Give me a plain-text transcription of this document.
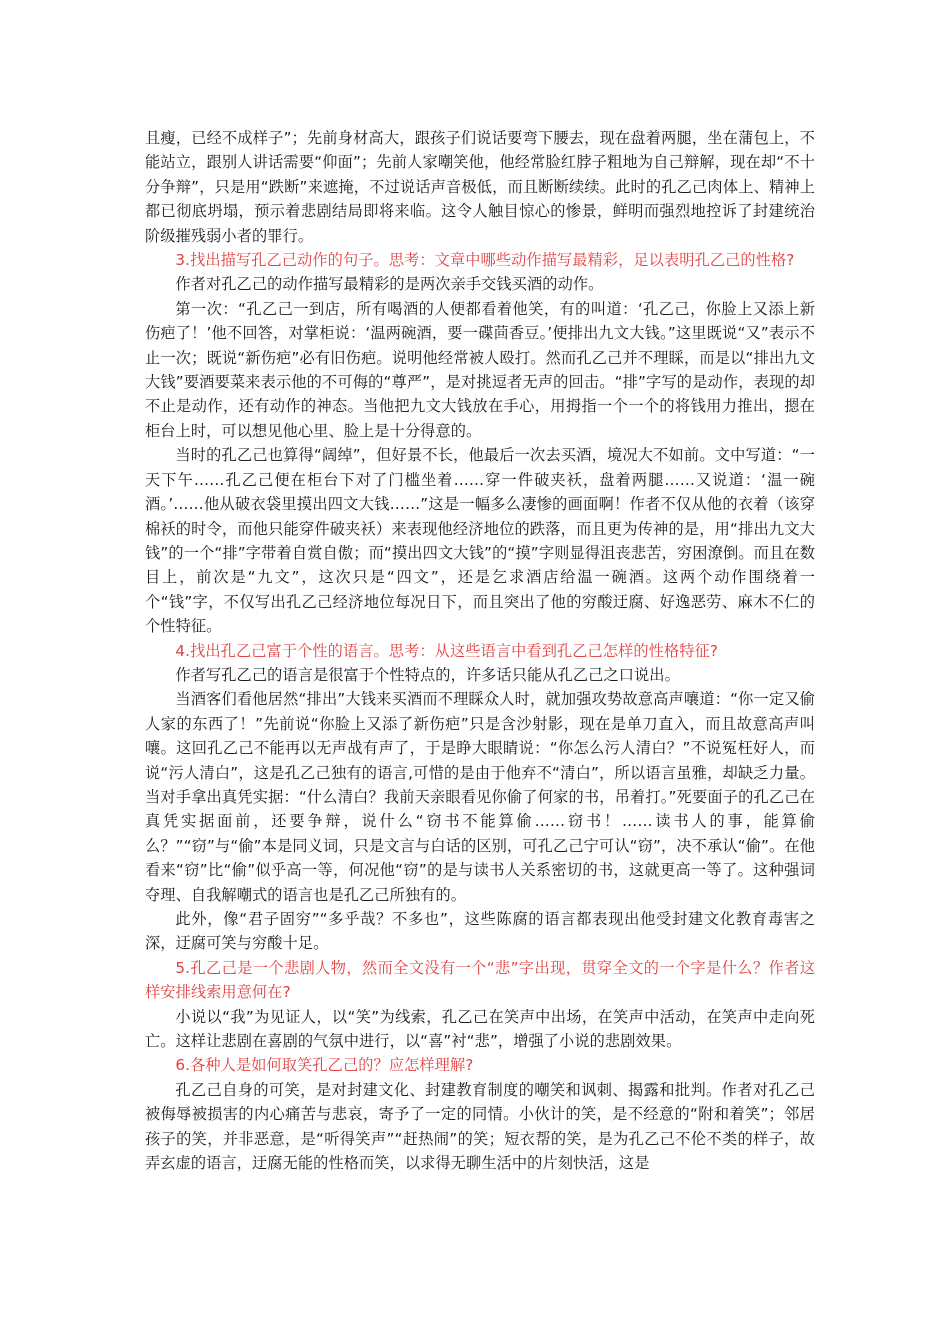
且瘦，已经不成样子”；先前身材高大，跟孩子们说话要弯下腰去，现在盘着两腿，坐在蒲包上，不能站立，跟别人讲话需要“仰面”；先前人家嘲笑他，他经常脸红脖子粗地为自己辩解，现在却“不十分争辩”，只是用“跌断”来遮掩，不过说话声音极低，而且断断续续。此时的孔乙己肉体上、精神上都已彻底坍塌，预示着悲剧结局即将来临。这令人触目惊心的惨景，鲜明而强烈地控诉了封建统治阶级摧残弱小者的罪行。

3.找出描写孔乙己动作的句子。思考：文章中哪些动作描写最精彩，足以表明孔乙己的性格?

作者对孔乙己的动作描写最精彩的是两次亲手交钱买酒的动作。

第一次：“孔乙己一到店，所有喝酒的人便都看着他笑，有的叫道：‘孔乙己，你脸上又添上新伤疤了！’他不回答，对掌柜说：‘温两碗酒，要一碟茴香豆。’便排出九文大钱。”这里既说“又”表示不止一次；既说“新伤疤”必有旧伤疤。说明他经常被人殴打。然而孔乙己并不理睬，而是以“排出九文大钱”要酒要菜来表示他的不可侮的“尊严”，是对挑逗者无声的回击。“排”字写的是动作，表现的却不止是动作，还有动作的神态。当他把九文大钱放在手心，用拇指一个一个的将钱用力推出，摁在柜台上时，可以想见他心里、脸上是十分得意的。

当时的孔乙己也算得“阔绰”，但好景不长，他最后一次去买酒，境况大不如前。文中写道：“一天下午……孔乙己便在柜台下对了门槛坐着……穿一件破夹袄，盘着两腿……又说道：‘温一碗酒。’……他从破衣袋里摸出四文大钱……”这是一幅多么凄惨的画面啊！作者不仅从他的衣着（该穿棉袄的时令，而他只能穿件破夹袄）来表现他经济地位的跌落，而且更为传神的是，用“排出九文大钱”的一个“排”字带着自赏自傲；而“摸出四文大钱”的“摸”字则显得沮丧悲苦，穷困潦倒。而且在数目上，前次是“九文”，这次只是“四文”，还是乞求酒店给温一碗酒。这两个动作围绕着一个“钱”字，不仅写出孔乙己经济地位每况日下，而且突出了他的穷酸迂腐、好逸恶劳、麻木不仁的个性特征。

4.找出孔乙己富于个性的语言。思考：从这些语言中看到孔乙己怎样的性格特征?

作者写孔乙己的语言是很富于个性特点的，许多话只能从孔乙己之口说出。

当酒客们看他居然“排出”大钱来买酒而不理睬众人时，就加强攻势故意高声嚷道：“你一定又偷人家的东西了！”先前说“你脸上又添了新伤疤”只是含沙射影，现在是单刀直入，而且故意高声叫嚷。这回孔乙己不能再以无声战有声了，于是睁大眼睛说：“你怎么污人清白？”不说冤枉好人，而说“污人清白”，这是孔乙己独有的语言,可惜的是由于他弃不“清白”，所以语言虽雅，却缺乏力量。当对手拿出真凭实据：“什么清白？我前天亲眼看见你偷了何家的书，吊着打。”死要面子的孔乙己在真凭实据面前，还要争辩，说什么“窃书不能算偷……窃书！……读书人的事，能算偷么？”“窃”与“偷”本是同义词，只是文言与白话的区别，可孔乙己宁可认“窃”，决不承认“偷”。在他看来“窃”比“偷”似乎高一等，何况他“窃”的是与读书人关系密切的书，这就更高一等了。这种强词夺理、自我解嘲式的语言也是孔乙己所独有的。

此外，像“君子固穷”“多乎哉？不多也”，这些陈腐的语言都表现出他受封建文化教育毒害之深，迂腐可笑与穷酸十足。

5.孔乙己是一个悲剧人物，然而全文没有一个“悲”字出现，贯穿全文的一个字是什么？作者这样安排线索用意何在?

小说以“我”为见证人，以“笑”为线索，孔乙己在笑声中出场，在笑声中活动，在笑声中走向死亡。这样让悲剧在喜剧的气氛中进行，以“喜”衬“悲”，增强了小说的悲剧效果。

6.各种人是如何取笑孔乙己的？应怎样理解?

孔乙己自身的可笑，是对封建文化、封建教育制度的嘲笑和讽刺、揭露和批判。作者对孔乙己被侮辱被损害的内心痛苦与悲哀，寄予了一定的同情。小伙计的笑，是不经意的“附和着笑”；邻居孩子的笑，并非恶意，是“听得笑声”“赶热闹”的笑；短衣帮的笑，是为孔乙己不伦不类的样子，故弄玄虚的语言，迂腐无能的性格而笑，以求得无聊生活中的片刻快活，这是
